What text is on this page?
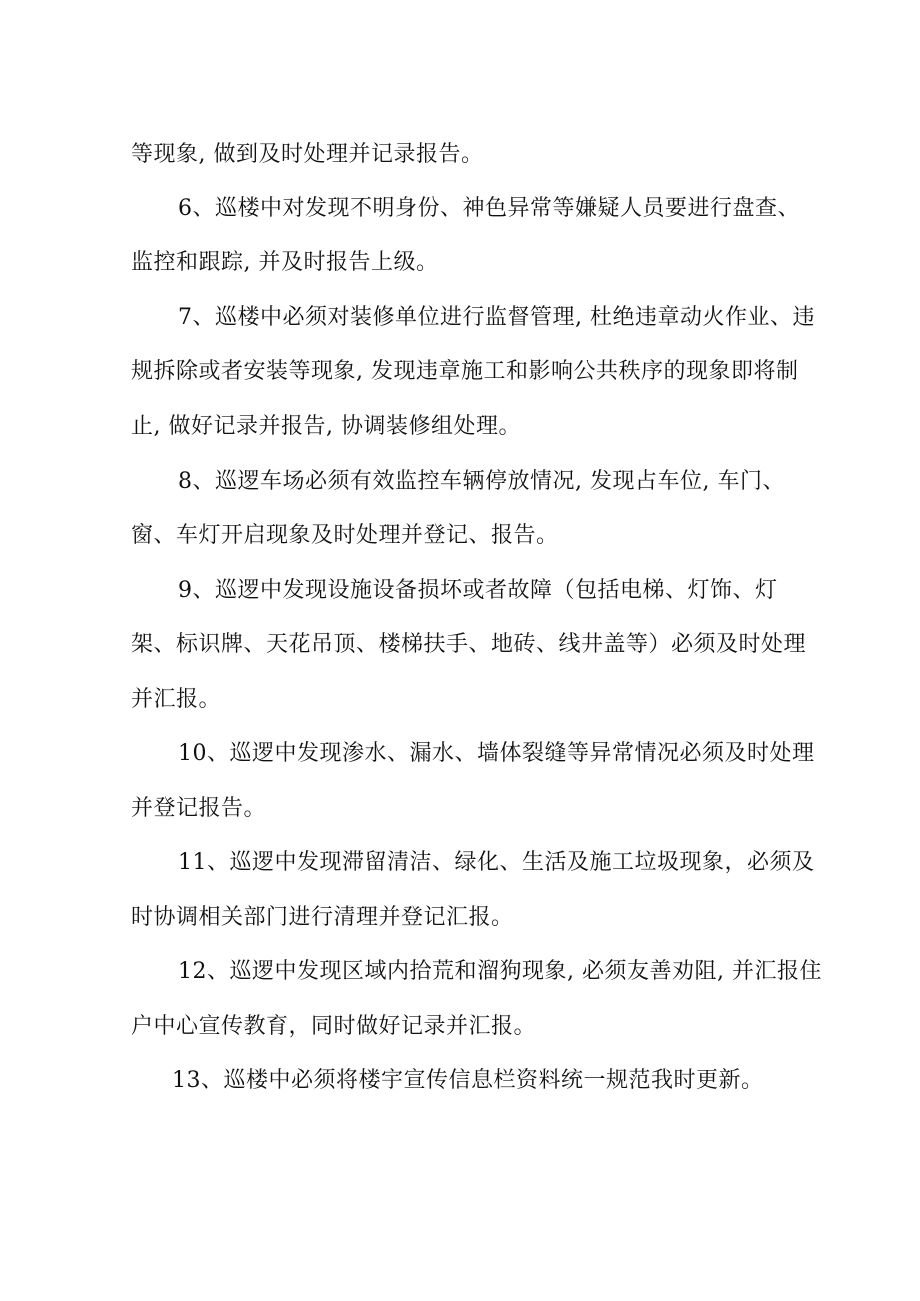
等现象, 做到及时处理并记录报告。
6、巡楼中对发现不明身份、神色异常等嫌疑人员要进行盘查、
监控和跟踪, 并及时报告上级。
7、巡楼中必须对装修单位进行监督管理, 杜绝违章动火作业、违
规拆除或者安装等现象, 发现违章施工和影响公共秩序的现象即将制
止, 做好记录并报告, 协调装修组处理。
8、巡逻车场必须有效监控车辆停放情况, 发现占车位, 车门、
窗、车灯开启现象及时处理并登记、报告。
9、巡逻中发现设施设备损坏或者故障（包括电梯、灯饰、灯
架、标识牌、天花吊顶、楼梯扶手、地砖、线井盖等）必须及时处理
并汇报。
10、巡逻中发现渗水、漏水、墙体裂缝等异常情况必须及时处理
并登记报告。
11、巡逻中发现滞留清洁、绿化、生活及施工垃圾现象，必须及
时协调相关部门进行清理并登记汇报。
12、巡逻中发现区域内拾荒和溜狗现象, 必须友善劝阻, 并汇报住
户中心宣传教育，同时做好记录并汇报。
13、巡楼中必须将楼宇宣传信息栏资料统一规范我时更新。
